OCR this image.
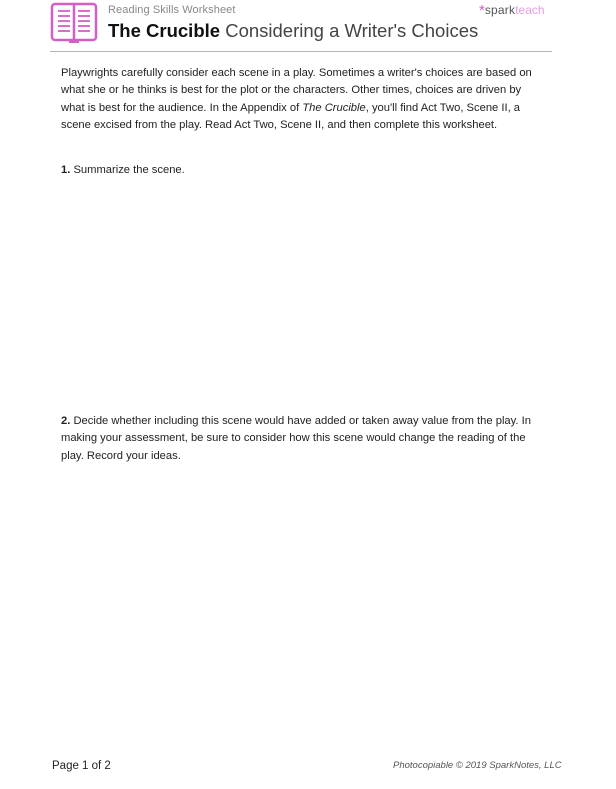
Reading Skills Worksheet
The Crucible Considering a Writer's Choices
*sparkteach

Playwrights carefully consider each scene in a play. Sometimes a writer's choices are based on what she or he thinks is best for the plot or the characters. Other times, choices are driven by what is best for the audience. In the Appendix of The Crucible, you'll find Act Two, Scene II, a scene excised from the play. Read Act Two, Scene II, and then complete this worksheet.

1. Summarize the scene.

2. Decide whether including this scene would have added or taken away value from the play. In making your assessment, be sure to consider how this scene would change the reading of the play. Record your ideas.

Page 1 of 2	Photocopiable © 2019 SparkNotes, LLC
